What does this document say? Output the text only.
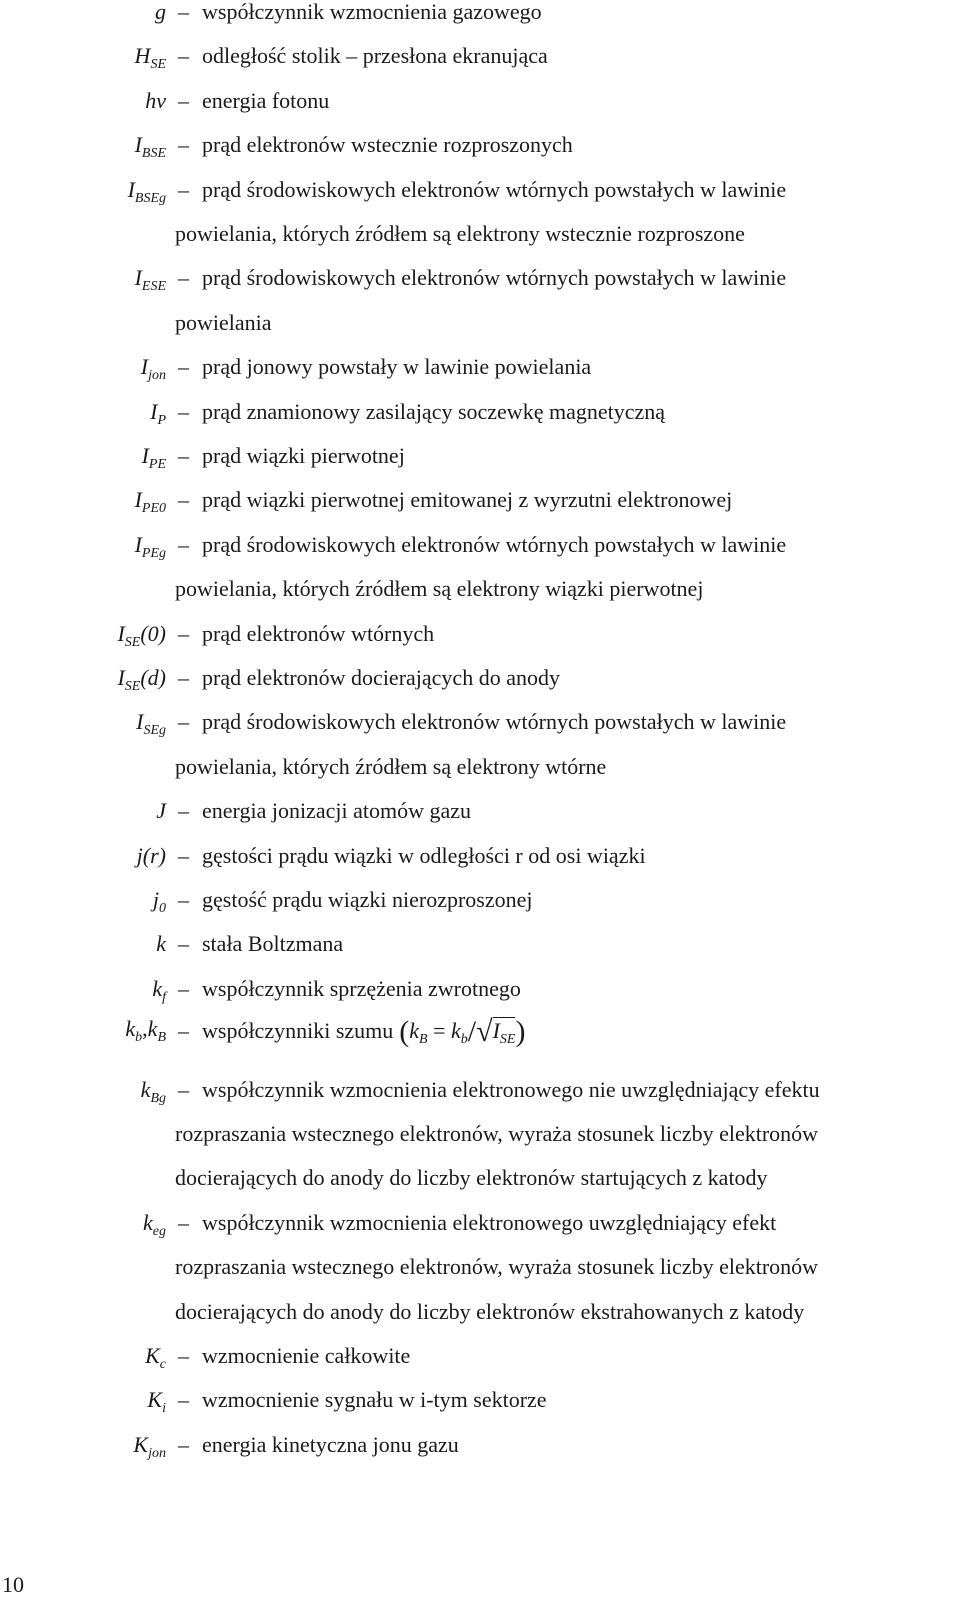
g – współczynnik wzmocnienia gazowego
$H_{SE}$ – odległość stolik – przesłona ekranująca
hv – energia fotonu
$I_{BSE}$ – prąd elektronów wstecznie rozproszonych
$I_{BSEg}$ – prąd środowiskowych elektronów wtórnych powstałych w lawinie
powielania, których źródłem są elektrony wstecznie rozproszone
$I_{ESE}$ – prąd środowiskowych elektronów wtórnych powstałych w lawinie
powielania
$I_{jon}$ – prąd jonowy powstały w lawinie powielania
$I_P$ – prąd znamionowy zasilający soczewkę magnetyczną
$I_{PE}$ – prąd wiązki pierwotnej
$I_{PE0}$ – prąd wiązki pierwotnej emitowanej z wyrzutni elektronowej
$I_{PEg}$ – prąd środowiskowych elektronów wtórnych powstałych w lawinie
powielania, których źródłem są elektrony wiązki pierwotnej
$I_{SE}(0)$ – prąd elektronów wtórnych
$I_{SE}(d)$ – prąd elektronów docierających do anody
$I_{SEg}$ – prąd środowiskowych elektronów wtórnych powstałych w lawinie
powielania, których źródłem są elektrony wtórne
J – energia jonizacji atomów gazu
j(r) – gęstości prądu wiązki w odległości r od osi wiązki
$j_0$ – gęstość prądu wiązki nierozproszonej
k – stała Boltzmana
$k_f$ – współczynnik sprzężenia zwrotnego
$k_b,k_B$ – współczynniki szumu $(k_B = k_b/√I_{SE})$
$k_{Bg}$ – współczynnik wzmocnienia elektronowego nie uwzględniający efektu
rozpraszania wstecznego elektronów, wyraża stosunek liczby elektronów
docierających do anody do liczby elektronów startujących z katody
$k_{eg}$ – współczynnik wzmocnienia elektronowego uwzględniający efekt
rozpraszania wstecznego elektronów, wyraża stosunek liczby elektronów
docierających do anody do liczby elektronów ekstrahowanych z katody
$K_c$ – wzmocnienie całkowite
$K_i$ – wzmocnienie sygnału w i-tym sektorze
$K_{jon}$ – energia kinetyczna jonu gazu
10
